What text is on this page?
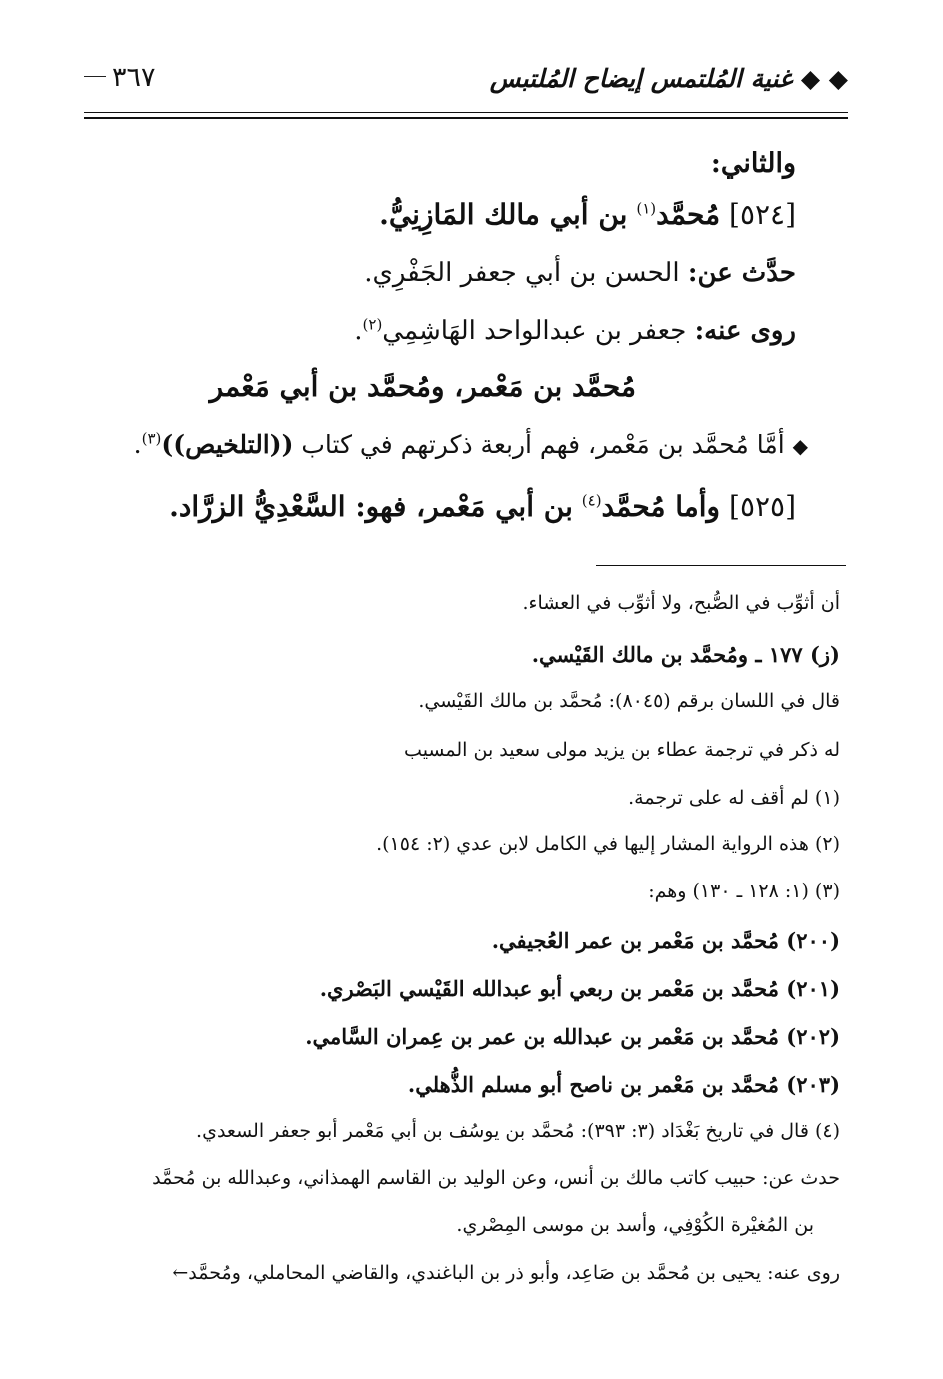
٣٦٧	◆ ◆ غنية المُلتمس إيضاح المُلتبس
والثاني:
[٥٢٤] مُحمَّد$^{(١)}$ بن أبي مالك المَازِنِيُّ.
حدَّث عن: الحسن بن أبي جعفر الجَفْرِي.
روى عنه: جعفر بن عبدالواحد الهَاشِمِي$^{(٢)}$.
مُحمَّد بن مَعْمر، ومُحمَّد بن أبي مَعْمر
◆ أمَّا مُحمَّد بن مَعْمر، فهم أربعة ذكرتهم في كتاب ((التلخيص))$^{(٣)}$.
[٥٢٥] وأما مُحمَّد$^{(٤)}$ بن أبي مَعْمر، فهو: السَّعْدِيُّ الزرَّاد.
أن أثوِّب في الصُّبح، ولا أثوِّب في العشاء.
(ز) ١٧٧ ـ ومُحمَّد بن مالك القَيْسي.
قال في اللسان برقم (٨٠٤٥): مُحمَّد بن مالك القَيْسي.
له ذكر في ترجمة عطاء بن يزيد مولى سعيد بن المسيب
(١) لم أقف له على ترجمة.
(٢) هذه الرواية المشار إليها في الكامل لابن عدي (٢: ١٥٤).
(٣) (١: ١٢٨ ـ ١٣٠) وهم:
(٢٠٠) مُحمَّد بن مَعْمر بن عمر العُجيفي.
(٢٠١) مُحمَّد بن مَعْمر بن ربعي أبو عبدالله القَيْسي البَصْري.
(٢٠٢) مُحمَّد بن مَعْمر بن عبدالله بن عمر بن عِمران السَّامي.
(٢٠٣) مُحمَّد بن مَعْمر بن ناصح أبو مسلم الذُّهلي.
(٤) قال في تاريخ بَغْدَاد (٣: ٣٩٣): مُحمَّد بن يوسُف بن أبي مَعْمر أبو جعفر السعدي.
حدث عن: حبيب كاتب مالك بن أنس، وعن الوليد بن القاسم الهمذاني، وعبدالله بن مُحمَّد
بن المُغيْرة الكُوْفِي، وأسد بن موسى المِصْري.
روى عنه: يحيى بن مُحمَّد بن صَاعِد، وأبو ذر بن الباغندي، والقاضي المحاملي، ومُحمَّد←
